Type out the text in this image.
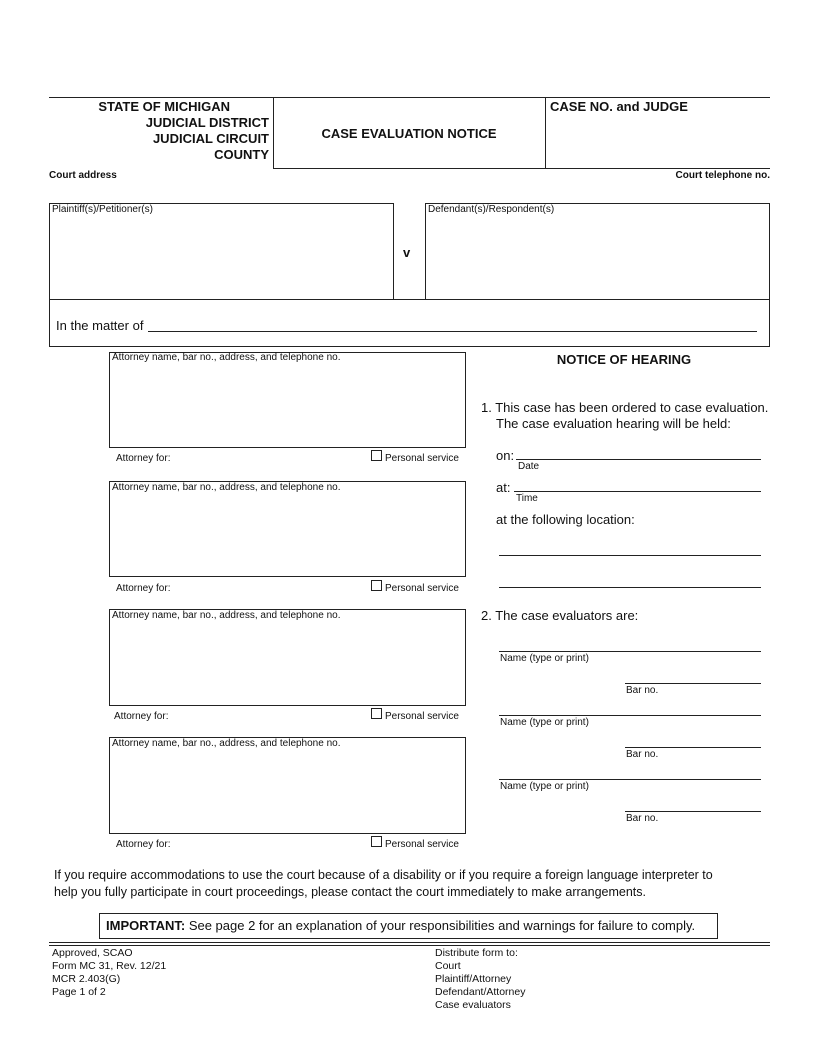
STATE OF MICHIGAN
JUDICIAL DISTRICT
JUDICIAL CIRCUIT
COUNTY
CASE EVALUATION NOTICE
CASE NO. and JUDGE
Court address	Court telephone no.
Plaintiff(s)/Petitioner(s)	Defendant(s)/Respondent(s)
v
In the matter of
Attorney name, bar no., address, and telephone no.
Attorney for:	Personal service
Attorney name, bar no., address, and telephone no.
Attorney for:	Personal service
Attorney name, bar no., address, and telephone no.
Attorney for:	Personal service
Attorney name, bar no., address, and telephone no.
Attorney for:	Personal service
NOTICE OF HEARING
1. This case has been ordered to case evaluation.
The case evaluation hearing will be held:
on:
Date
at:
Time
at the following location:
2. The case evaluators are:
Name (type or print)
Bar no.
Name (type or print)
Bar no.
Name (type or print)
Bar no.
If you require accommodations to use the court because of a disability or if you require a foreign language interpreter to
help you fully participate in court proceedings, please contact the court immediately to make arrangements.
IMPORTANT: See page 2 for an explanation of your responsibilities and warnings for failure to comply.
Approved, SCAO
Form MC 31, Rev. 12/21
MCR 2.403(G)
Page 1 of 2
Distribute form to:
Court
Plaintiff/Attorney
Defendant/Attorney
Case evaluators
